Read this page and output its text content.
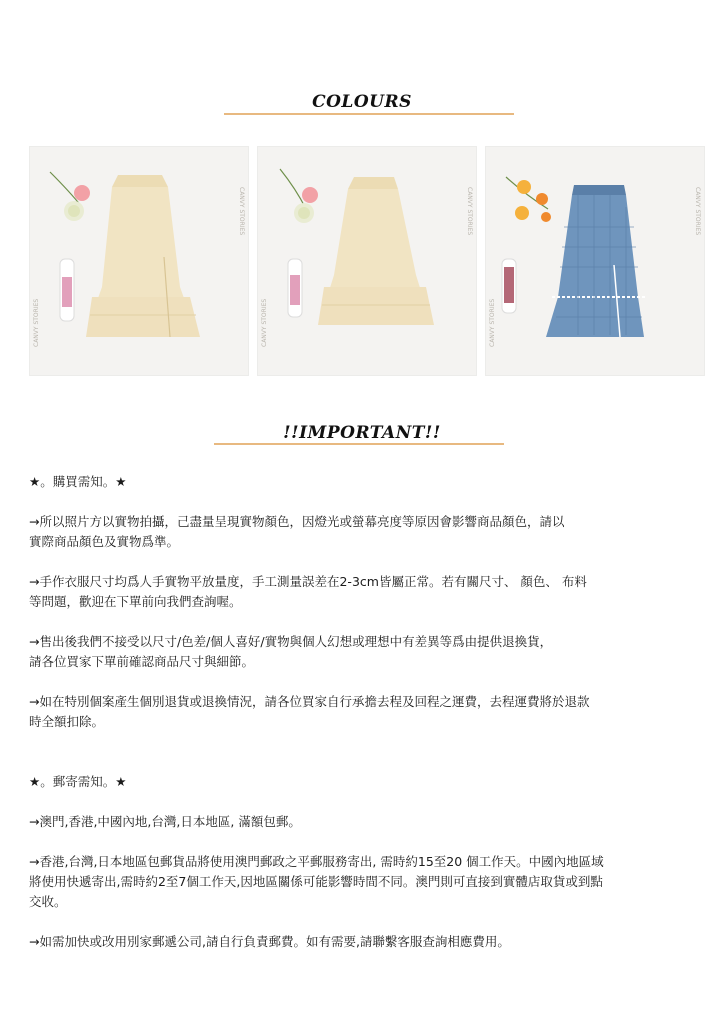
COLOURS
CANVY STORIES
CANVY STORIES
CANVY STORIES
CANVY STORIES
CANVY STORIES
CANVY STORIES
!!IMPORTANT!!

★。購買需知。★

→所以照片方以實物拍攝，己盡量呈現實物顏色，因燈光或螢幕亮度等原因會影響商品顏色，請以
實際商品顏色及實物爲準。

→手作衣服尺寸均爲人手實物平放量度，手工測量誤差在2-3cm皆屬正常。若有關尺寸、 顏色、 布料
等問題，歡迎在下單前向我們查詢喔。

→售出後我們不接受以尺寸/色差/個人喜好/實物與個人幻想或理想中有差異等爲由提供退換貨，
請各位買家下單前確認商品尺寸與細節。

→如在特別個案產生個別退貨或退換情況，請各位買家自行承擔去程及回程之運費，去程運費將於退款
時全額扣除。

★。郵寄需知。★

→澳門,香港,中國內地,台灣,日本地區, 滿額包郵。

→香港,台灣,日本地區包郵貨品將使用澳門郵政之平郵服務寄出, 需時約15至20 個工作天。中國內地區域
將使用快遞寄出,需時約2至7個工作天,因地區關係可能影響時間不同。澳門則可直接到實體店取貨或到點
交收。

→如需加快或改用別家郵遞公司,請自行負責郵費。如有需要,請聯繫客服查詢相應費用。
